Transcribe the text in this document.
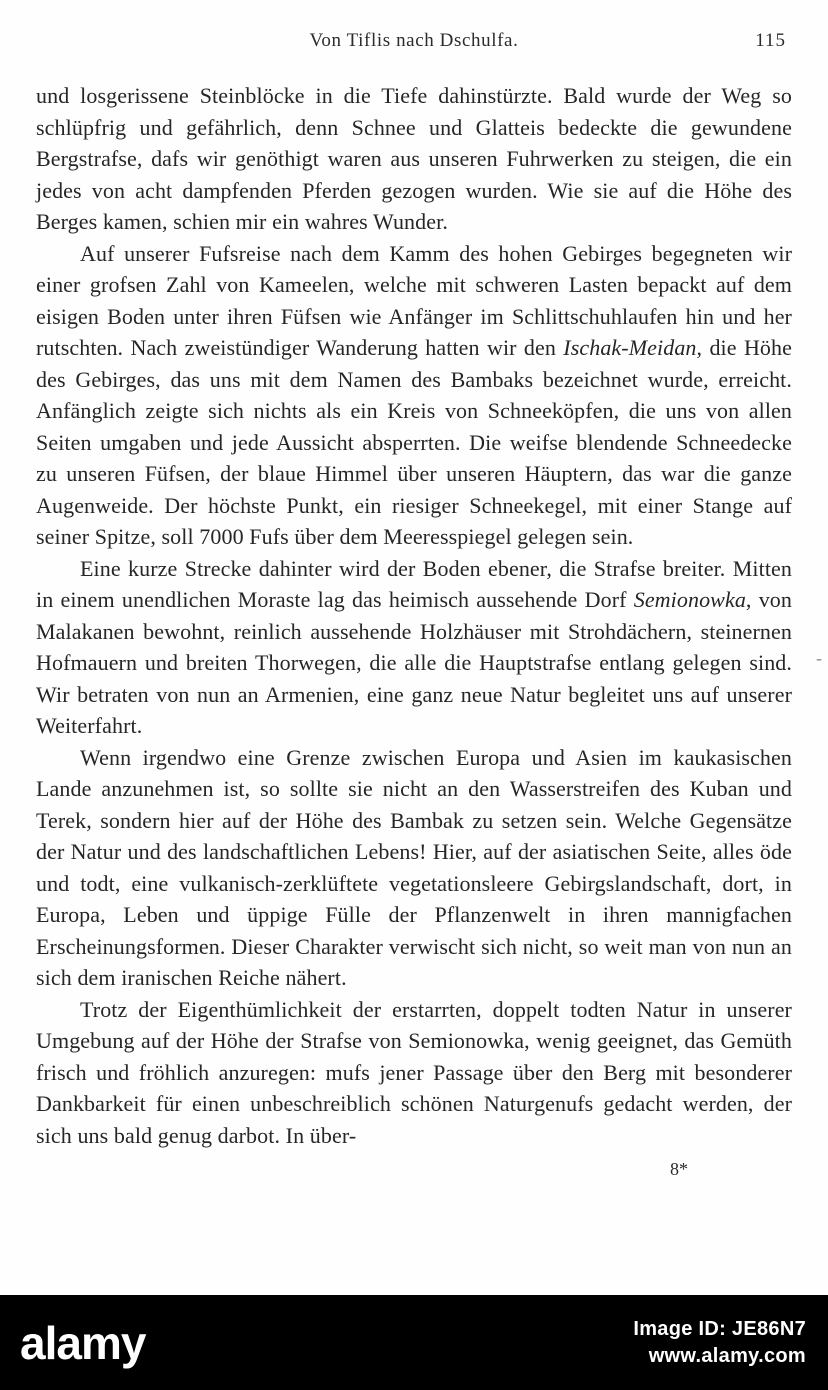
Von Tiflis nach Dschulfa.	115

und losgerissene Steinblöcke in die Tiefe dahinstürzte. Bald wurde der Weg so schlüpfrig und gefährlich, denn Schnee und Glatteis bedeckte die gewundene Bergstrafse, dafs wir genöthigt waren aus unseren Fuhrwerken zu steigen, die ein jedes von acht dampfenden Pferden gezogen wurden. Wie sie auf die Höhe des Berges kamen, schien mir ein wahres Wunder.

Auf unserer Fufsreise nach dem Kamm des hohen Gebirges begegneten wir einer grofsen Zahl von Kameelen, welche mit schweren Lasten bepackt auf dem eisigen Boden unter ihren Füfsen wie Anfänger im Schlittschuhlaufen hin und her rutschten. Nach zweistündiger Wanderung hatten wir den Ischak-Meidan, die Höhe des Gebirges, das uns mit dem Namen des Bambaks bezeichnet wurde, erreicht. Anfänglich zeigte sich nichts als ein Kreis von Schneeköpfen, die uns von allen Seiten umgaben und jede Aussicht absperrten. Die weifse blendende Schneedecke zu unseren Füfsen, der blaue Himmel über unseren Häuptern, das war die ganze Augenweide. Der höchste Punkt, ein riesiger Schneekegel, mit einer Stange auf seiner Spitze, soll 7000 Fufs über dem Meeresspiegel gelegen sein.

Eine kurze Strecke dahinter wird der Boden ebener, die Strafse breiter. Mitten in einem unendlichen Moraste lag das heimisch aussehende Dorf Semionowka, von Malakanen bewohnt, reinlich aussehende Holzhäuser mit Strohdächern, steinernen Hofmauern und breiten Thorwegen, die alle die Hauptstrafse entlang gelegen sind. Wir betraten von nun an Armenien, eine ganz neue Natur begleitet uns auf unserer Weiterfahrt.

Wenn irgendwo eine Grenze zwischen Europa und Asien im kaukasischen Lande anzunehmen ist, so sollte sie nicht an den Wasserstreifen des Kuban und Terek, sondern hier auf der Höhe des Bambak zu setzen sein. Welche Gegensätze der Natur und des landschaftlichen Lebens! Hier, auf der asiatischen Seite, alles öde und todt, eine vulkanisch-zerklüftete vegetationsleere Gebirgslandschaft, dort, in Europa, Leben und üppige Fülle der Pflanzenwelt in ihren mannigfachen Erscheinungsformen. Dieser Charakter verwischt sich nicht, so weit man von nun an sich dem iranischen Reiche nähert.

Trotz der Eigenthümlichkeit der erstarrten, doppelt todten Natur in unserer Umgebung auf der Höhe der Strafse von Semionowka, wenig geeignet, das Gemüth frisch und fröhlich anzuregen: mufs jener Passage über den Berg mit besonderer Dankbarkeit für einen unbeschreiblich schönen Naturgenufs gedacht werden, der sich uns bald genug darbot. In über-

8*
-
alamy	Image ID: JE86N7
www.alamy.com
